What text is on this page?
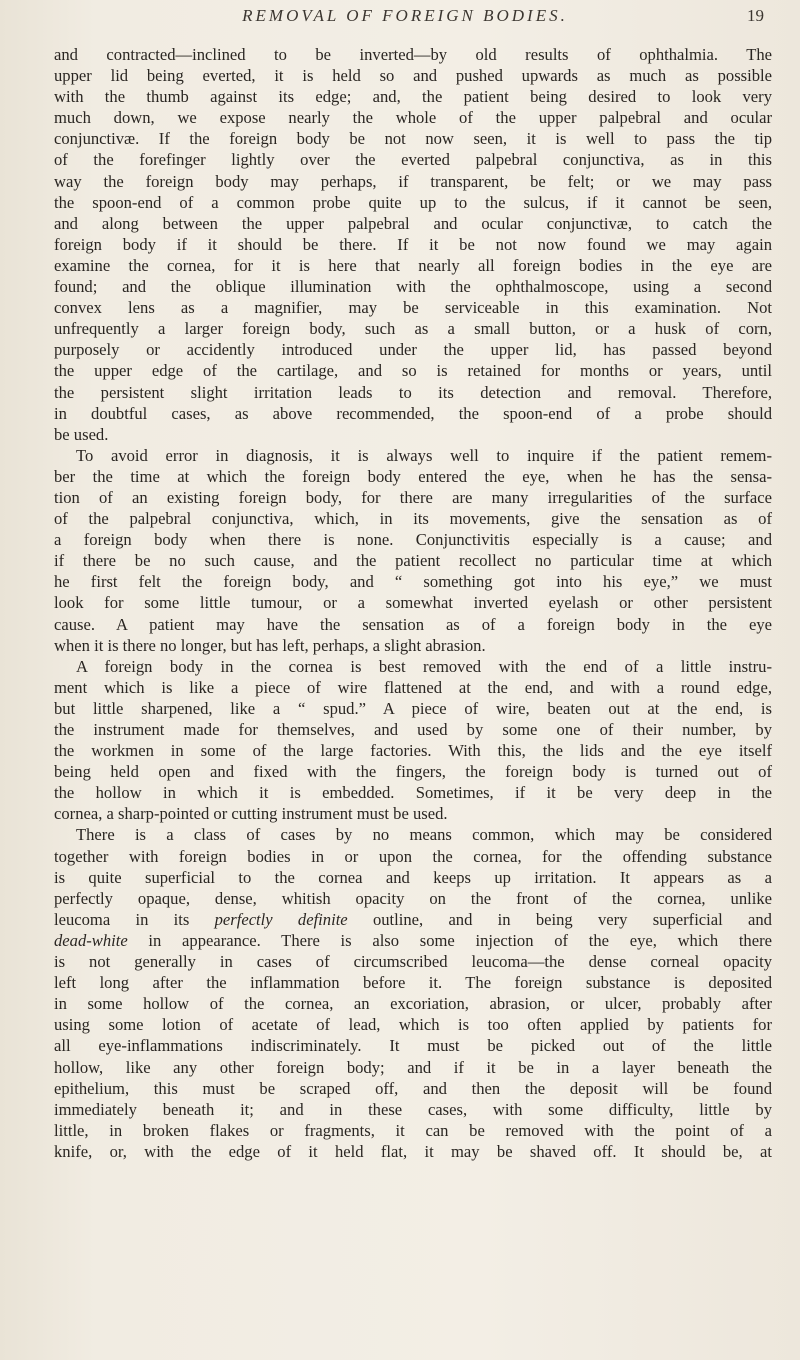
REMOVAL OF FOREIGN BODIES.	19
and contracted—inclined to be inverted—by old results of ophthalmia. The
upper lid being everted, it is held so and pushed upwards as much as possible
with the thumb against its edge; and, the patient being desired to look very
much down, we expose nearly the whole of the upper palpebral and ocular
conjunctivæ. If the foreign body be not now seen, it is well to pass the tip
of the forefinger lightly over the everted palpebral conjunctiva, as in this
way the foreign body may perhaps, if transparent, be felt; or we may pass
the spoon-end of a common probe quite up to the sulcus, if it cannot be seen,
and along between the upper palpebral and ocular conjunctivæ, to catch the
foreign body if it should be there. If it be not now found we may again
examine the cornea, for it is here that nearly all foreign bodies in the eye are
found; and the oblique illumination with the ophthalmoscope, using a second
convex lens as a magnifier, may be serviceable in this examination. Not
unfrequently a larger foreign body, such as a small button, or a husk of corn,
purposely or accidently introduced under the upper lid, has passed beyond
the upper edge of the cartilage, and so is retained for months or years, until
the persistent slight irritation leads to its detection and removal. Therefore,
in doubtful cases, as above recommended, the spoon-end of a probe should
be used.
To avoid error in diagnosis, it is always well to inquire if the patient remem-
ber the time at which the foreign body entered the eye, when he has the sensa-
tion of an existing foreign body, for there are many irregularities of the surface
of the palpebral conjunctiva, which, in its movements, give the sensation as of
a foreign body when there is none. Conjunctivitis especially is a cause; and
if there be no such cause, and the patient recollect no particular time at which
he first felt the foreign body, and “ something got into his eye,” we must
look for some little tumour, or a somewhat inverted eyelash or other persistent
cause. A patient may have the sensation as of a foreign body in the eye
when it is there no longer, but has left, perhaps, a slight abrasion.
A foreign body in the cornea is best removed with the end of a little instru-
ment which is like a piece of wire flattened at the end, and with a round edge,
but little sharpened, like a “ spud.” A piece of wire, beaten out at the end, is
the instrument made for themselves, and used by some one of their number, by
the workmen in some of the large factories. With this, the lids and the eye itself
being held open and fixed with the fingers, the foreign body is turned out of
the hollow in which it is embedded. Sometimes, if it be very deep in the
cornea, a sharp-pointed or cutting instrument must be used.
There is a class of cases by no means common, which may be considered
together with foreign bodies in or upon the cornea, for the offending substance
is quite superficial to the cornea and keeps up irritation. It appears as a
perfectly opaque, dense, whitish opacity on the front of the cornea, unlike
leucoma in its perfectly definite outline, and in being very superficial and
dead-white in appearance. There is also some injection of the eye, which there
is not generally in cases of circumscribed leucoma—the dense corneal opacity
left long after the inflammation before it. The foreign substance is deposited
in some hollow of the cornea, an excoriation, abrasion, or ulcer, probably after
using some lotion of acetate of lead, which is too often applied by patients for
all eye-inflammations indiscriminately. It must be picked out of the little
hollow, like any other foreign body; and if it be in a layer beneath the
epithelium, this must be scraped off, and then the deposit will be found
immediately beneath it; and in these cases, with some difficulty, little by
little, in broken flakes or fragments, it can be removed with the point of a
knife, or, with the edge of it held flat, it may be shaved off. It should be, at
